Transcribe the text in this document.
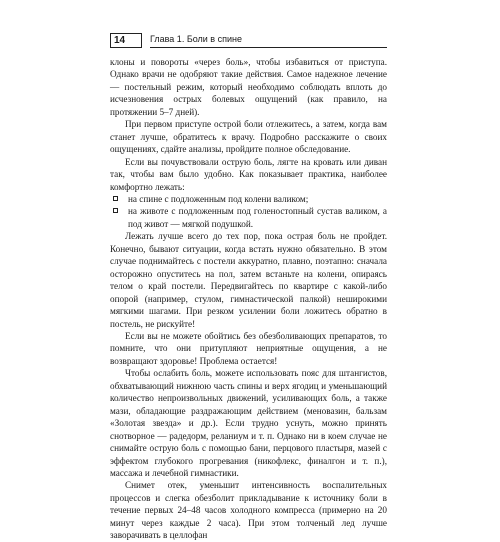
14	Глава 1. Боли в спине

клоны и повороты «через боль», чтобы избавиться от приступа. Однако врачи не одобряют такие действия. Самое надежное лечение — постельный режим, который необходимо соблюдать вплоть до исчезновения острых болевых ощущений (как правило, на протяжении 5–7 дней).

При первом приступе острой боли отлежитесь, а затем, когда вам станет лучше, обратитесь к врачу. Подробно расскажите о своих ощущениях, сдайте анализы, пройдите полное обследование.

Если вы почувствовали острую боль, лягте на кровать или диван так, чтобы вам было удобно. Как показывает практика, наиболее комфортно лежать:

на спине с подложенным под колени валиком;
на животе с подложенным под голеностопный сустав валиком, а под живот — мягкой подушкой.

Лежать лучше всего до тех пор, пока острая боль не пройдет. Конечно, бывают ситуации, когда встать нужно обязательно. В этом случае поднимайтесь с постели аккуратно, плавно, поэтапно: сначала осторожно опуститесь на пол, затем встаньте на колени, опираясь телом о край постели. Передвигайтесь по квартире с какой-либо опорой (например, стулом, гимнастической палкой) неширокими мягкими шагами. При резком усилении боли ложитесь обратно в постель, не рискуйте!

Если вы не можете обойтись без обезболивающих препаратов, то помните, что они притупляют неприятные ощущения, а не возвращают здоровье! Проблема остается!

Чтобы ослабить боль, можете использовать пояс для штангистов, обхватывающий нижнюю часть спины и верх ягодиц и уменьшающий количество непроизвольных движений, усиливающих боль, а также мази, обладающие раздражающим действием (меновазин, бальзам «Золотая звезда» и др.). Если трудно уснуть, можно принять снотворное — радедорм, реланиум и т. п. Однако ни в коем случае не снимайте острую боль с помощью бани, перцового пластыря, мазей с эффектом глубокого прогревания (никофлекс, финалгон и т. п.), массажа и лечебной гимнастики.

Снимет отек, уменьшит интенсивность воспалительных процессов и слегка обезболит прикладывание к источнику боли в течение первых 24–48 часов холодного компресса (примерно на 20 минут через каждые 2 часа). При этом толченый лед лучше заворачивать в целлофан
